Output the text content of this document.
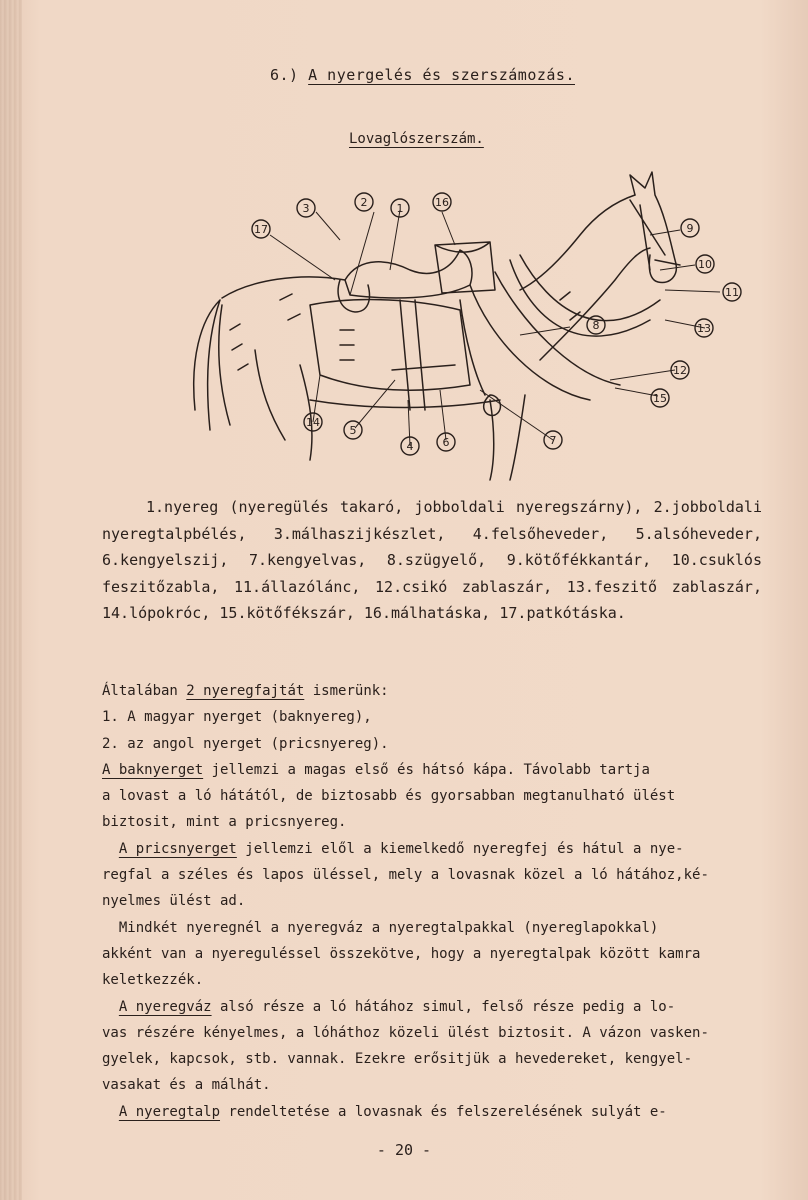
6.) A nyergelés és szerszámozás.
Lovaglószerszám.
3	2	1	16
17	9
10
11
13
8
12
15
14
5
4	6	7

1.nyereg (nyeregülés takaró, jobboldali nyeregszárny), 2.jobboldali nyeregtalpbélés, 3.málhaszijkészlet, 4.felsőheveder, 5.alsóheveder, 6.kengyelszij, 7.kengyelvas, 8.szügyelő, 9.kötőfékkantár, 10.csuklós feszitőzabla, 11.állazólánc, 12.csikó zablaszár, 13.feszitő zablaszár, 14.lópokróc, 15.kötőfékszár, 16.málhatáska, 17.patkótáska.

Általában 2 nyeregfajtát ismerünk:
1. A magyar nyerget (baknyereg),
2. az angol nyerget (pricsnyereg).
A baknyerget jellemzi a magas első és hátsó kápa. Távolabb tartja
a lovast a ló hátától, de biztosabb és gyorsabban megtanulható ülést
biztosit, mint a pricsnyereg.
A pricsnyerget jellemzi elől a kiemelkedő nyeregfej és hátul a nye-
regfal a széles és lapos üléssel, mely a lovasnak közel a ló hátához,ké-
nyelmes ülést ad.
Mindkét nyeregnél a nyeregváz a nyeregtalpakkal (nyereglapokkal)
akként van a nyereguléssel összekötve, hogy a nyeregtalpak között kamra
keletkezzék.
A nyeregváz alsó része a ló hátához simul, felső része pedig a lo-
vas részére kényelmes, a lóháthoz közeli ülést biztosit. A vázon vasken-
gyelek, kapcsok, stb. vannak. Ezekre erősitjük a hevedereket, kengyel-
vasakat és a málhát.
A nyeregtalp rendeltetése a lovasnak és felszerelésének sulyát e-
- 20 -
